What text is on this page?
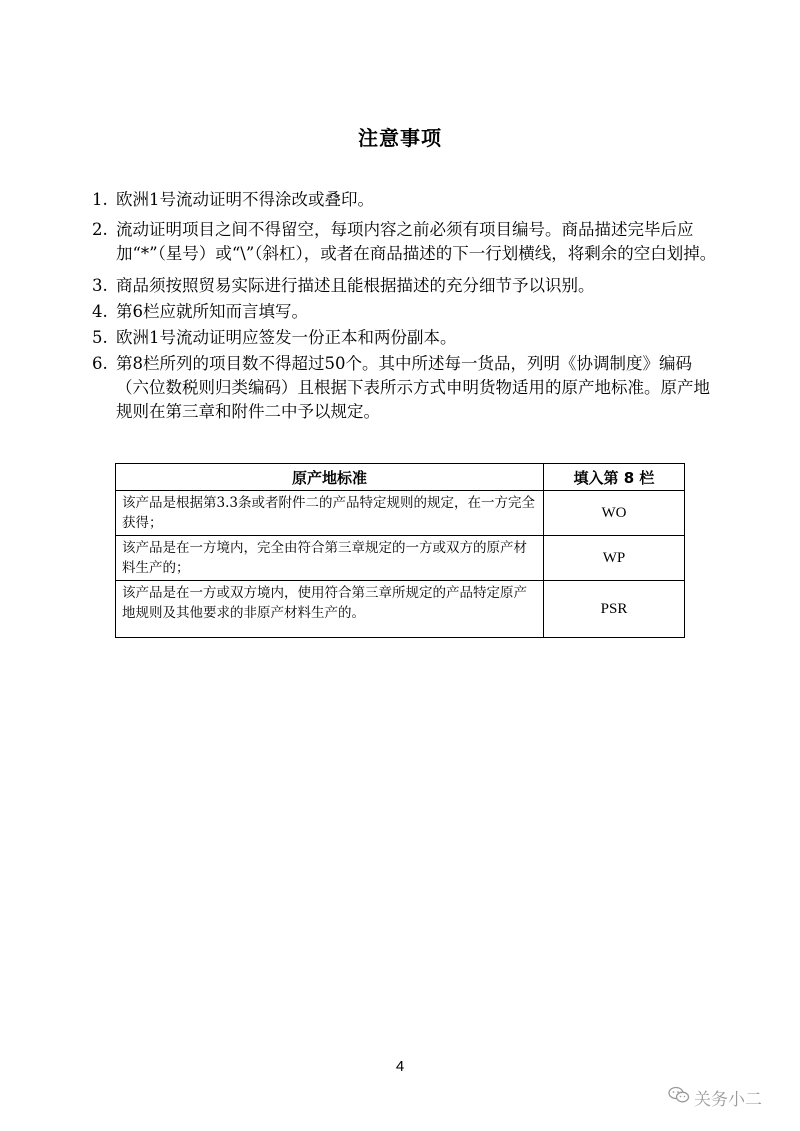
注意事项
1. 欧洲1号流动证明不得涂改或叠印。
2. 流动证明项目之间不得留空，每项内容之前必须有项目编号。商品描述完毕后应加“*”（星号）或“\”（斜杠），或者在商品描述的下一行划横线，将剩余的空白划掉。
3. 商品须按照贸易实际进行描述且能根据描述的充分细节予以识别。
4. 第6栏应就所知而言填写。
5. 欧洲1号流动证明应签发一份正本和两份副本。
6. 第8栏所列的项目数不得超过50个。其中所述每一货品，列明《协调制度》编码（六位数税则归类编码）且根据下表所示方式申明货物适用的原产地标准。原产地规则在第三章和附件二中予以规定。
原产地标准	填入第 8 栏
该产品是根据第3.3条或者附件二的产品特定规则的规定，在一方完全获得；	WO
该产品是在一方境内，完全由符合第三章规定的一方或双方的原产材料生产的；	WP
该产品是在一方或双方境内，使用符合第三章所规定的产品特定原产地规则及其他要求的非原产材料生产的。	PSR
4
关务小二
